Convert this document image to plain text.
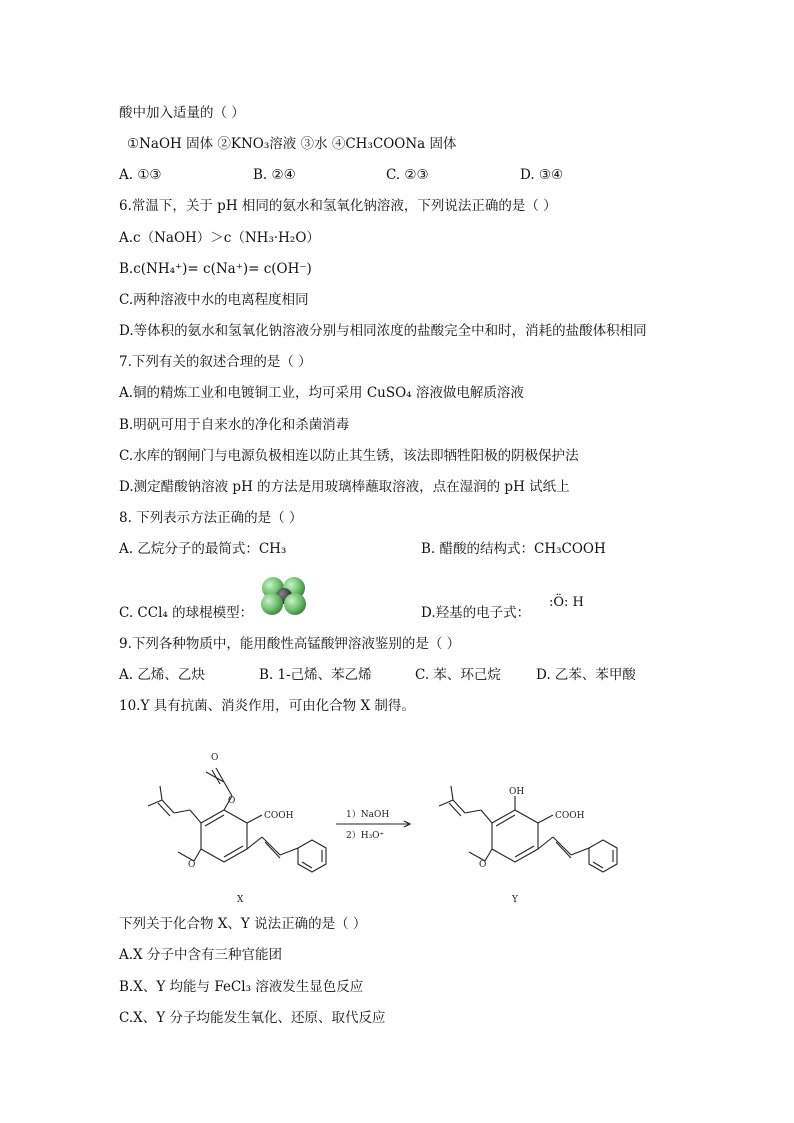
酸中加入适量的（ ）
①NaOH 固体 ②KNO₃溶液 ③水 ④CH₃COONa 固体
A. ①③	B. ②④	C. ②③	D. ③④
6.常温下，关于 pH 相同的氨水和氢氧化钠溶液，下列说法正确的是（ ）
A.c（NaOH）＞c（NH₃·H₂O）
B.c(NH₄⁺)= c(Na⁺)= c(OH⁻)
C.两种溶液中水的电离程度相同
D.等体积的氨水和氢氧化钠溶液分别与相同浓度的盐酸完全中和时，消耗的盐酸体积相同
7.下列有关的叙述合理的是（ ）
A.铜的精炼工业和电镀铜工业，均可采用 CuSO₄ 溶液做电解质溶液
B.明矾可用于自来水的净化和杀菌消毒
C.水库的钢闸门与电源负极相连以防止其生锈，该法即牺牲阳极的阴极保护法
D.测定醋酸钠溶液 pH 的方法是用玻璃棒蘸取溶液，点在湿润的 pH 试纸上
8. 下列表示方法正确的是（ ）
A. 乙烷分子的最简式：CH₃	B. 醋酸的结构式：CH₃COOH
C. CCl₄ 的球棍模型：	D.羟基的电子式：
:Ö: H
9.下列各种物质中，能用酸性高锰酸钾溶液鉴别的是（ ）
A. 乙烯、乙炔	B. 1-己烯、苯乙烯	C. 苯、环己烷	D. 乙苯、苯甲酸
10.Y 具有抗菌、消炎作用，可由化合物 X 制得。
O
O
COOH
O
COOH
OH
O
1）NaOH
2）H₃O⁺
X	Y
下列关于化合物 X、Y 说法正确的是（ ）
A.X 分子中含有三种官能团
B.X、Y 均能与 FeCl₃ 溶液发生显色反应
C.X、Y 分子均能发生氧化、还原、取代反应
